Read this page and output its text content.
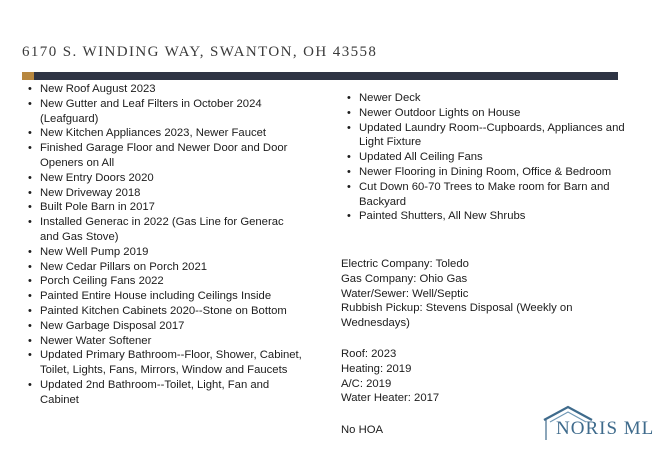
6170 S. WINDING WAY, SWANTON, OH 43558
• New Roof August 2023
• New Gutter and Leaf Filters in October 2024 (Leafguard)
• New Kitchen Appliances 2023, Newer Faucet
• Finished Garage Floor and Newer Door and Door Openers on All
• New Entry Doors 2020
• New Driveway 2018
• Built Pole Barn in 2017
• Installed Generac in 2022 (Gas Line for Generac and Gas Stove)
• New Well Pump 2019
• New Cedar Pillars on Porch 2021
• Porch Ceiling Fans 2022
• Painted Entire House including Ceilings Inside
• Painted Kitchen Cabinets 2020--Stone on Bottom
• New Garbage Disposal 2017
• Newer Water Softener
• Updated Primary Bathroom--Floor, Shower, Cabinet, Toilet, Lights, Fans, Mirrors, Window and Faucets
• Updated 2nd Bathroom--Toilet, Light, Fan and Cabinet
• Newer Deck
• Newer Outdoor Lights on House
• Updated Laundry Room--Cupboards, Appliances and Light Fixture
• Updated All Ceiling Fans
• Newer Flooring in Dining Room, Office & Bedroom
• Cut Down 60-70 Trees to Make room for Barn and Backyard
• Painted Shutters, All New Shrubs
Electric Company: Toledo
Gas Company: Ohio Gas
Water/Sewer: Well/Septic
Rubbish Pickup: Stevens Disposal (Weekly on Wednesdays)
Roof: 2023
Heating: 2019
A/C: 2019
Water Heater: 2017
No HOA	NORIS ML
